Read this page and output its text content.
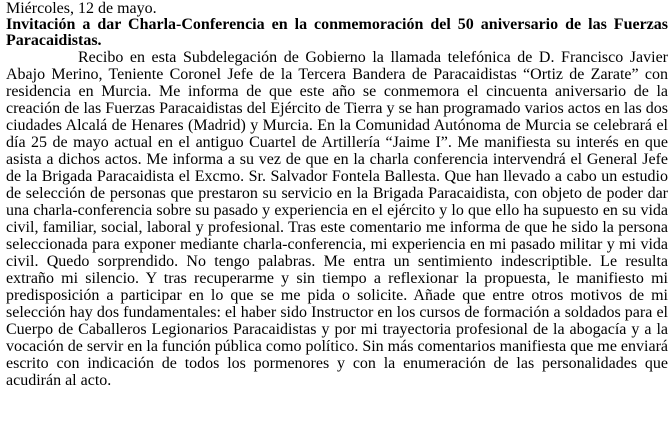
Miércoles, 12 de mayo.

Invitación a dar Charla-Conferencia en la conmemoración del 50 aniversario de las Fuerzas Paracaidistas.

Recibo en esta Subdelegación de Gobierno la llamada telefónica de D. Francisco Javier Abajo Merino, Teniente Coronel Jefe de la Tercera Bandera de Paracaidistas “Ortiz de Zarate” con residencia en Murcia. Me informa de que este año se conmemora el cincuenta aniversario de la creación de las Fuerzas Paracaidistas del Ejército de Tierra y se han programado varios actos en las dos ciudades Alcalá de Henares (Madrid) y Murcia. En la Comunidad Autónoma de Murcia se celebrará el día 25 de mayo actual en el antiguo Cuartel de Artillería “Jaime I”. Me manifiesta su interés en que asista a dichos actos. Me informa a su vez de que en la charla conferencia intervendrá el General Jefe de la Brigada Paracaidista el Excmo. Sr. Salvador Fontela Ballesta. Que han llevado a cabo un estudio de selección de personas que prestaron su servicio en la Brigada Paracaidista, con objeto de poder dar una charla-conferencia sobre su pasado y experiencia en el ejército y lo que ello ha supuesto en su vida civil, familiar, social, laboral y profesional. Tras este comentario me informa de que he sido la persona seleccionada para exponer mediante charla-conferencia, mi experiencia en mi pasado militar y mi vida civil. Quedo sorprendido. No tengo palabras. Me entra un sentimiento indescriptible. Le resulta extraño mi silencio. Y tras recuperarme y sin tiempo a reflexionar la propuesta, le manifiesto mi predisposición a participar en lo que se me pida o solicite. Añade que entre otros motivos de mi selección hay dos fundamentales: el haber sido Instructor en los cursos de formación a soldados para el Cuerpo de Caballeros Legionarios Paracaidistas y por mi trayectoria profesional de la abogacía y a la vocación de servir en la función pública como político. Sin más comentarios manifiesta que me enviará escrito con indicación de todos los pormenores y con la enumeración de las personalidades que acudirán al acto.
